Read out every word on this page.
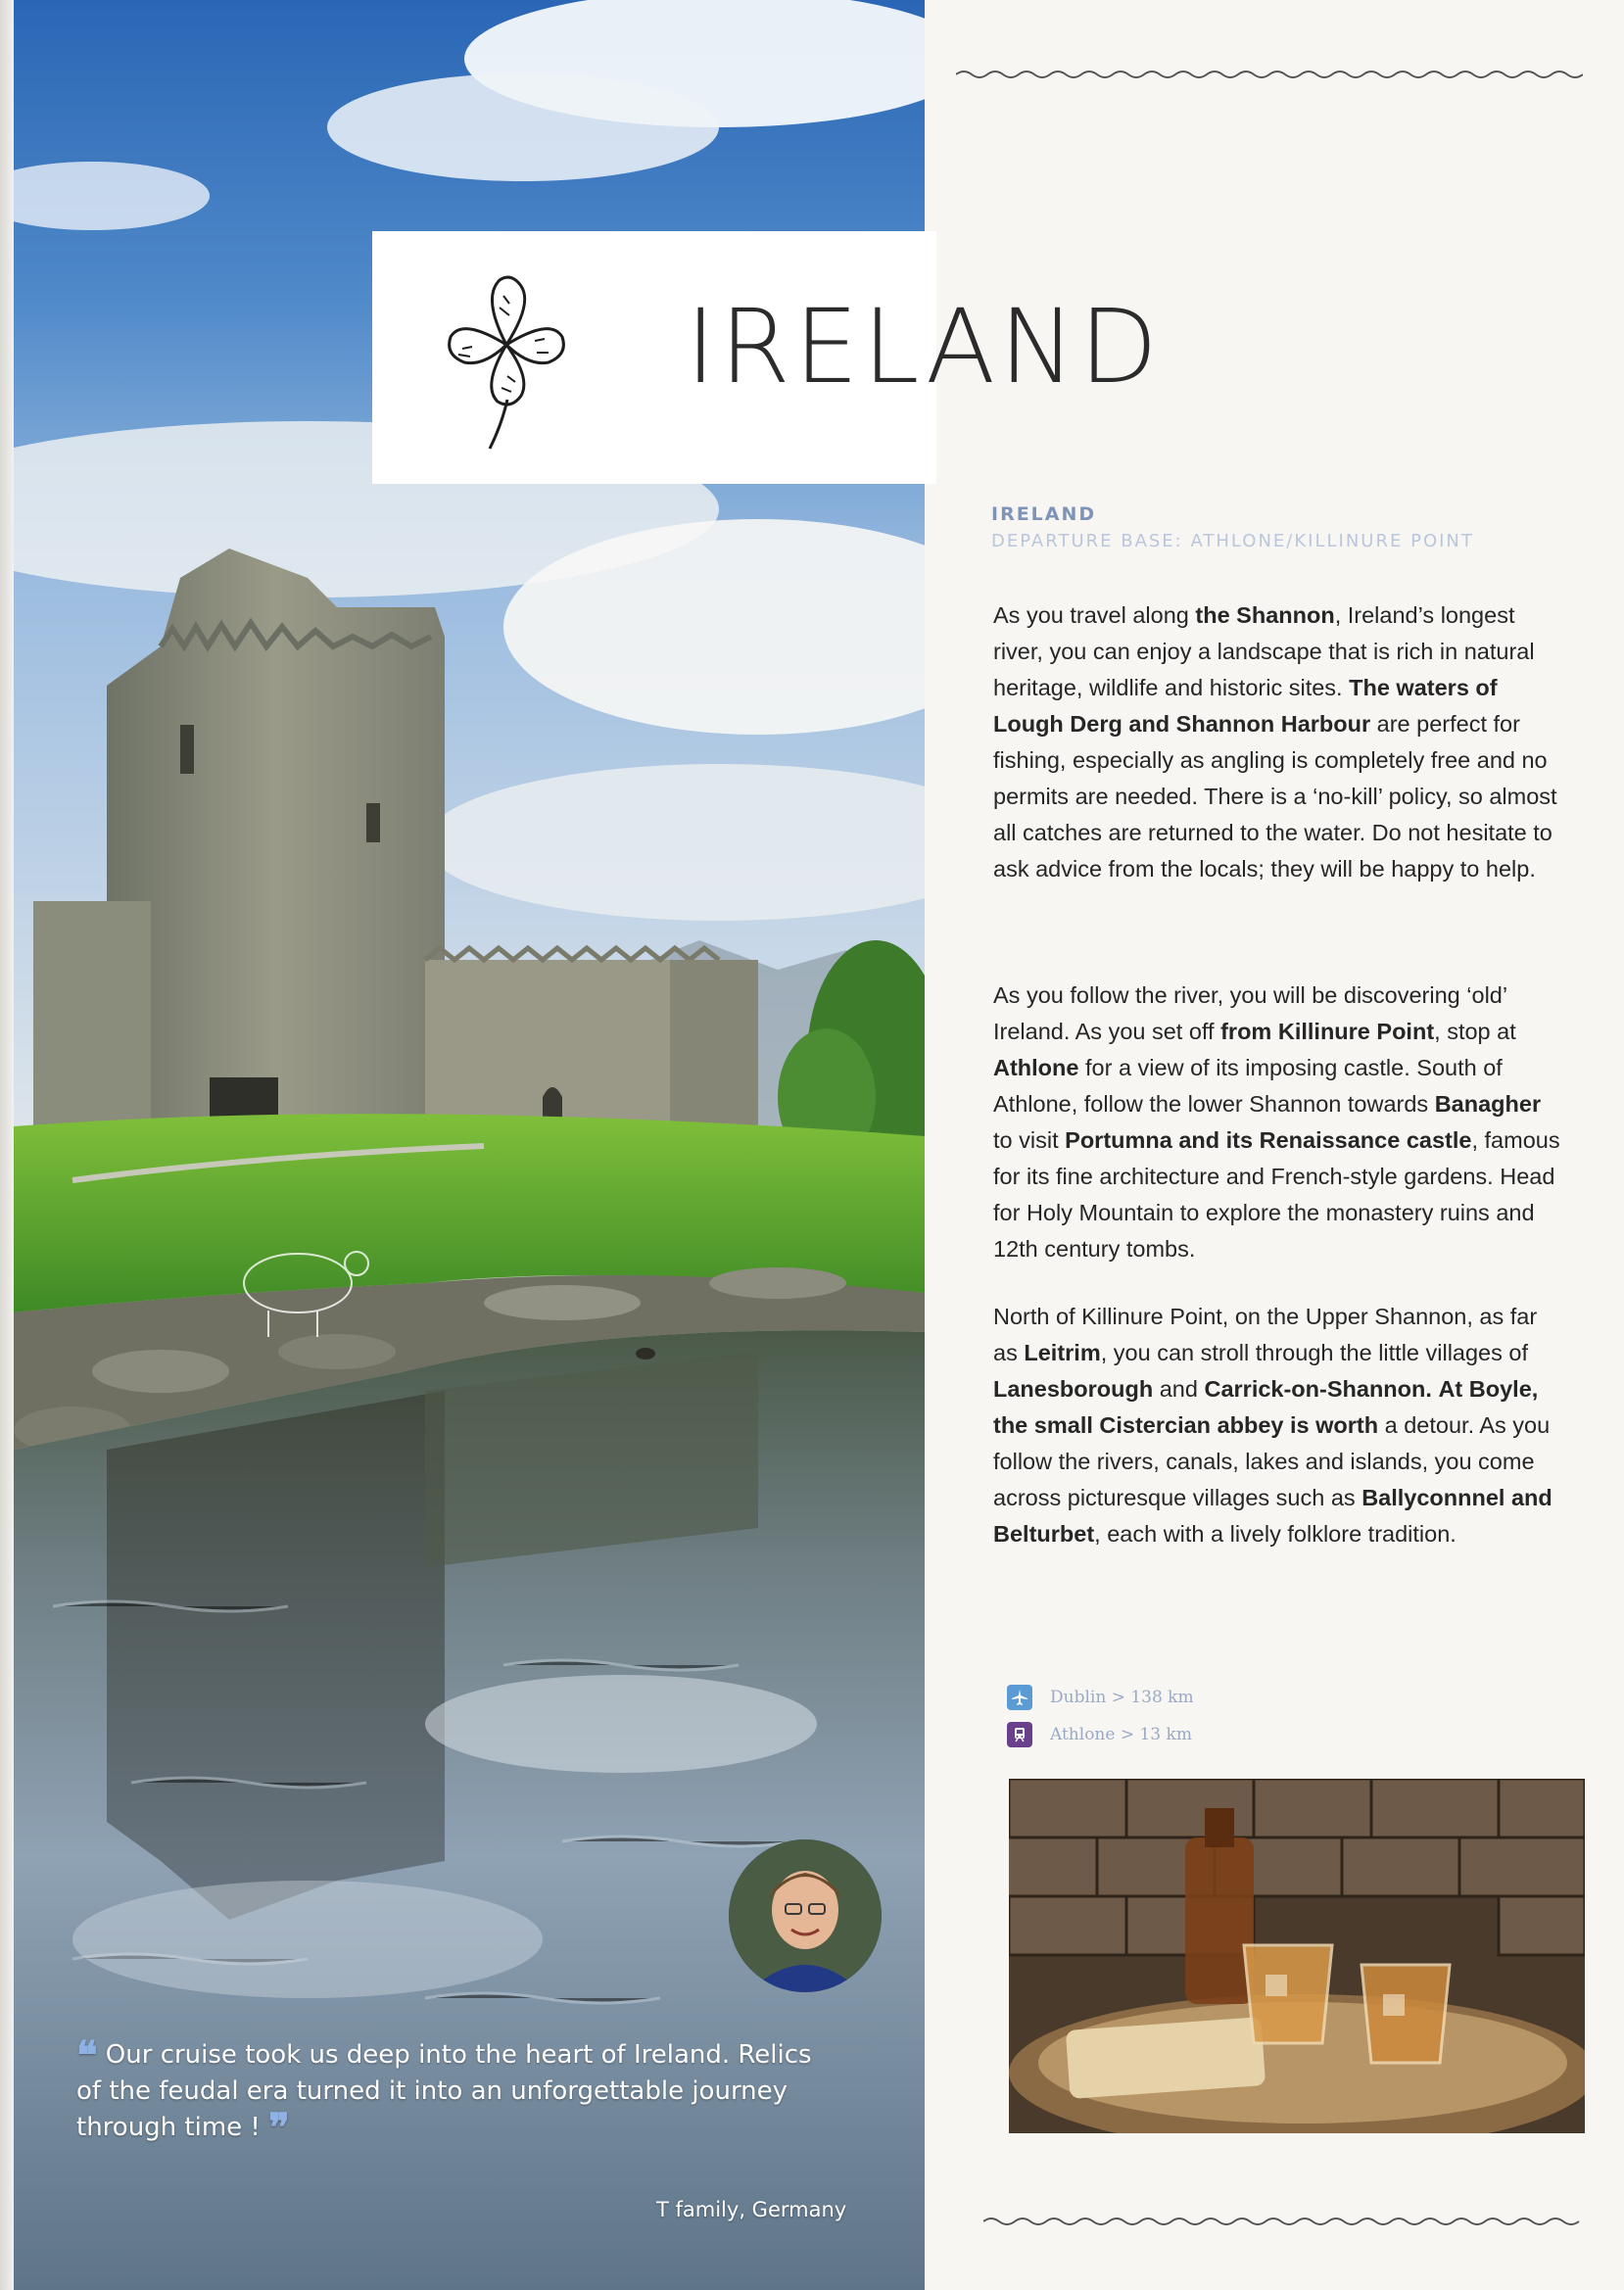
❝ Our cruise took us deep into the heart of Ireland. Relics of the feudal era turned it into an unforgettable journey through time ! ❞
T family, Germany
IRELAND
IRELAND
DEPARTURE BASE: ATHLONE/KILLINURE POINT
As you travel along the Shannon, Ireland’s longest river, you can enjoy a landscape that is rich in natural heritage, wildlife and historic sites. The waters of Lough Derg and Shannon Harbour are perfect for fishing, especially as angling is completely free and no permits are needed. There is a ‘no-kill’ policy, so almost all catches are returned to the water. Do not hesitate to ask advice from the locals; they will be happy to help.
As you follow the river, you will be discovering ‘old’ Ireland. As you set off from Killinure Point, stop at Athlone for a view of its imposing castle. South of Athlone, follow the lower Shannon towards Banagher to visit Portumna and its Renaissance castle, famous for its fine architecture and French-style gardens. Head for Holy Mountain to explore the monastery ruins and 12th century tombs.
North of Killinure Point, on the Upper Shannon, as far as Leitrim, you can stroll through the little villages of Lanesborough and Carrick-on-Shannon. At Boyle, the small Cistercian abbey is worth a detour. As you follow the rivers, canals, lakes and islands, you come across picturesque villages such as Ballyconnnel and Belturbet, each with a lively folklore tradition.
Dublin > 138 km
Athlone > 13 km
